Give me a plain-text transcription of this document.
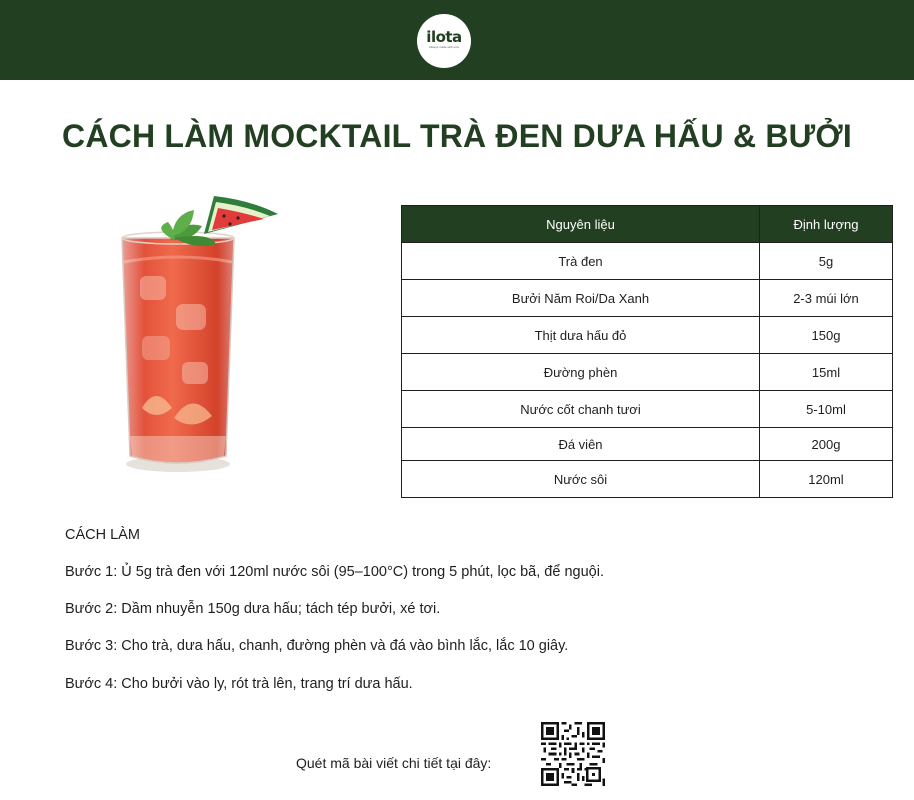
ilota
Always made with love
CÁCH LÀM MOCKTAIL TRÀ ĐEN DƯA HẤU & BƯỞI
Nguyên liệu	Định lượng
Trà đen	5g
Bưởi Năm Roi/Da Xanh	2-3 múi lớn
Thịt dưa hấu đỏ	150g
Đường phèn	15ml
Nước cốt chanh tươi	5-10ml
Đá viên	200g
Nước sôi	120ml
CÁCH LÀM
Bước 1: Ủ 5g trà đen với 120ml nước sôi (95–100°C) trong 5 phút, lọc bã, để nguội.
Bước 2: Dầm nhuyễn 150g dưa hấu; tách tép bưởi, xé tơi.
Bước 3: Cho trà, dưa hấu, chanh, đường phèn và đá vào bình lắc, lắc 10 giây.
Bước 4: Cho bưởi vào ly, rót trà lên, trang trí dưa hấu.
Quét mã bài viết chi tiết tại đây:
